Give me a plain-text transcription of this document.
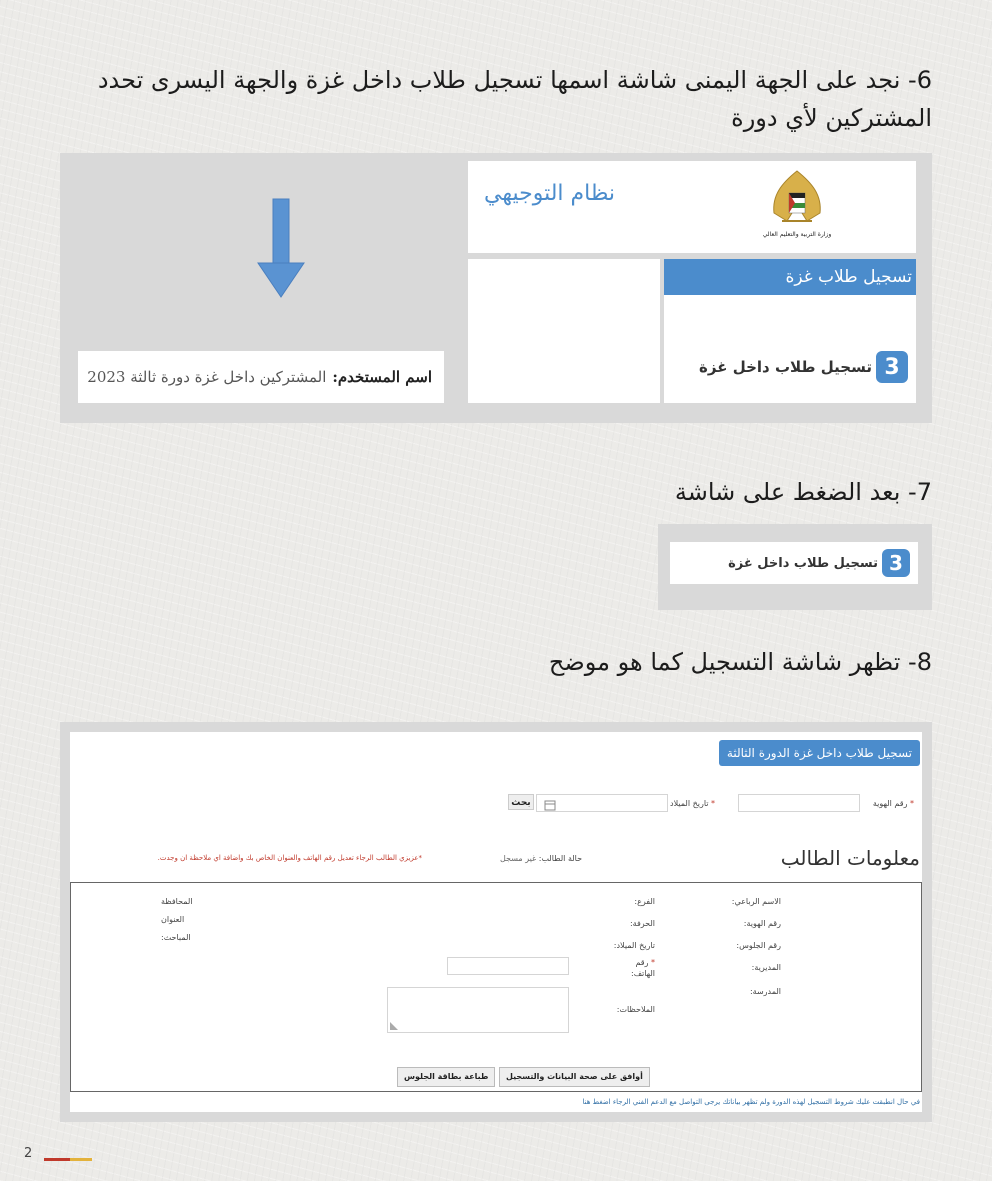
6- نجد على الجهة اليمنى شاشة اسمها تسجيل طلاب داخل غزة والجهة اليسرى تحدد
المشتركين لأي دورة
اسم المستخدم:
المشتركين داخل غزة دورة ثالثة 2023
نظام التوجيهي
وزارة التربية والتعليم العالي
تسجيل طلاب غزة
3
تسجيل طلاب داخل غزة
7- بعد الضغط على شاشة
3
تسجيل طلاب داخل غزة
8- تظهر شاشة التسجيل كما هو موضح
تسجيل طلاب داخل غزة الدورة الثالثة
* رقم الهوية
* تاريخ الميلاد
بحث
معلومات الطالب
حالة الطالب: غير مسجل
*عزيزي الطالب الرجاء تعديل رقم الهاتف والعنوان الخاص بك واضافة اي ملاحظة ان وجدت.
الاسم الرباعي:
رقم الهوية:
رقم الجلوس:
المديرية:
المدرسة:
الفرع:
الحرفة:
تاريخ الميلاد:
* رقم
الهاتف:
الملاحظات:
المحافظة
العنوان
المباحث:
أوافق على صحة البيانات والتسجيل
طباعة بطاقة الجلوس
في حال انطبقت عليك شروط التسجيل لهذه الدورة ولم تظهر بياناتك يرجى التواصل مع الدعم الفني الرجاء اضغط هنا
2
